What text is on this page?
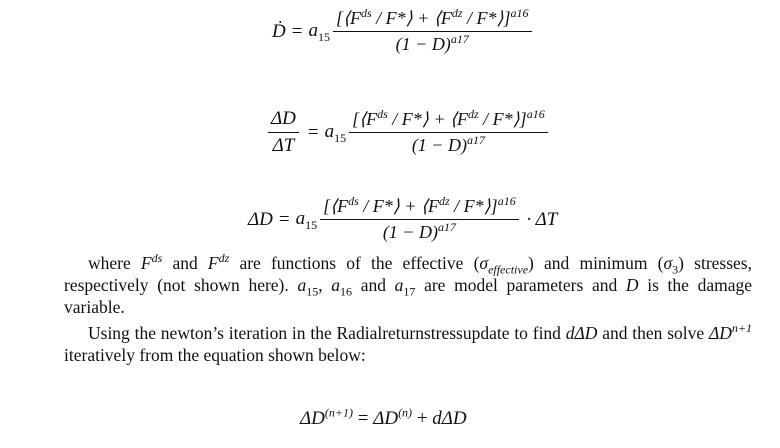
Ḋ = $a_{15} \frac{[⟨F^{ds} / F*⟩ + ⟨F^{dz} / F*⟩]^{a16}}{(1 - D)^{a17}}$
$\frac{\Delta D}{\Delta T} = a_{15} \frac{[⟨F^{ds} / F*⟩ + ⟨F^{dz} / F*⟩]^{a16}}{(1 - D)^{a17}}$
$\Delta D = a_{15} \frac{[⟨F^{ds} / F*⟩ + ⟨F^{dz} / F*⟩]^{a16}}{(1 - D)^{a17}} \cdot \Delta T$

where $F^{ds}$ and $F^{dz}$ are functions of the effective $(\sigma_{effective})$ and minimum $(\sigma_3)$ stresses, respectively (not shown here). $a_{15}$, $a_{16}$ and $a_{17}$ are model parameters and D is the damage variable.

Using the newton’s iteration in the Radialreturnstressupdate to find dΔD and then solve $\Delta D^{n+1}$ iteratively from the equation shown below:

$\Delta D^{(n+1)} = \Delta D^{(n)} + d\Delta D$
